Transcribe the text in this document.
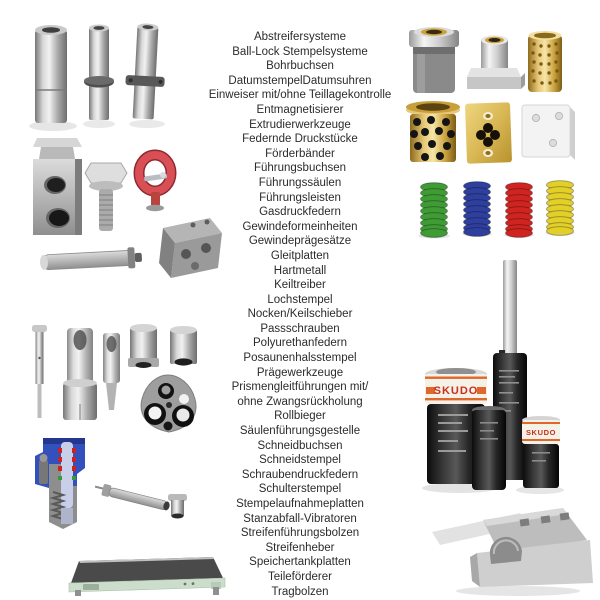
SKUDO
SKUDO
Abstreifersysteme
Ball-Lock Stempelsysteme
Bohrbuchsen
DatumstempelDatumsuhren
Einweiser mit/ohne Teillagekontrolle
Entmagnetisierer
Extrudierwerkzeuge
Federnde Druckstücke
Förderbänder
Führungsbuchsen
Führungssäulen
Führungsleisten
Gasdruckfedern
Gewindeformeinheiten
Gewindeprägesätze
Gleitplatten
Hartmetall
Keiltreiber
Lochstempel
Nocken/Keilschieber
Passschrauben
Polyurethanfedern
Posaunenhalsstempel
Prägewerkzeuge
Prismengleitführungen mit/
ohne Zwangsrückholung
Rollbieger
Säulenführungsgestelle
Schneidbuchsen
Schneidstempel
Schraubendruckfedern
Schulterstempel
Stempelaufnahmeplatten
Stanzabfall-Vibratoren
Streifenführungsbolzen
Streifenheber
Speichertankplatten
Teileförderer
Tragbolzen
